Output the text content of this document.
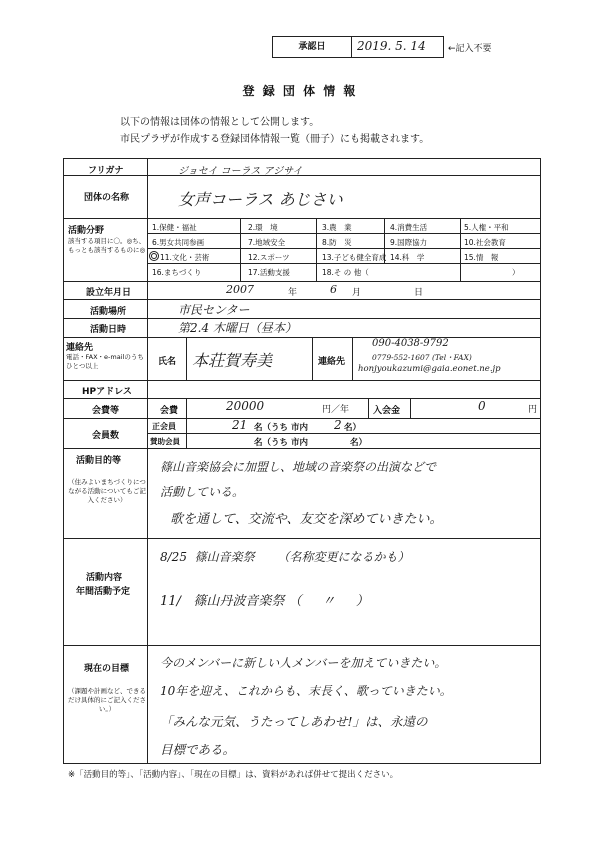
承認日	2019. 5. 14 ←記入不要
登 録 団 体 情 報
以下の情報は団体の情報として公開します。
市民プラザが作成する登録団体情報一覧（冊子）にも掲載されます。
フリガナ	ジョセイ コーラス アジサイ
団体の名称	女声コーラス あじさい
活動分野
該当する項目に〇。◎ち、もっとも該当するものに◎
1.保健・福祉	2.環　境	3.農　業	4.消費生活	5.人権・平和
6.男女共同参画	7.地域安全	8.防　災	9.国際協力	10.社会教育
11.文化・芸術	12.スポーツ	13.子ども健全育成 14.科　学	15.情　報
16.まちづくり	17.活動支援	18.そ の 他（	）
設立年月日	2007	年	6 月	日
活動場所	市民センター
活動日時	第2.4 木曜日（昼本）
連絡先
電話・FAX・e-mailのうちひとつ以上	氏名 本荘賀寿美	連絡先
090-4038-9792
0779-552-1607 (Tel・FAX)
honjyoukazumi@gaia.eonet.ne.jp
HPアドレス
会費等	会費	20000	円／年	入会金	0	円
会員数
正会員	21 名（うち 市内 2 名）
賛助会員	名（うち 市内	名）
活動目的等
（住みよいまちづくりにつながる活動についてもご記入ください）
篠山音楽協会に加盟し、地域の音楽祭の出演などで
活動している。
歌を通して、交流や、友交を深めていきたい。
活動内容
年間活動予定
8/25  篠山音楽祭      （名称変更になるかも）
11/   篠山丹波音楽祭 （     〃     ）
現在の目標
（課題や計画など、できるだけ具体的にご記入ください。）
今のメンバーに新しい人メンバーを加えていきたい。
10年を迎え、これからも、末長く、歌っていきたい。
「みんな元気、うたってしあわせ!」は、永遠の
目標である。
※「活動目的等」、「活動内容」、「現在の目標」は、資料があれば併せて提出ください。
